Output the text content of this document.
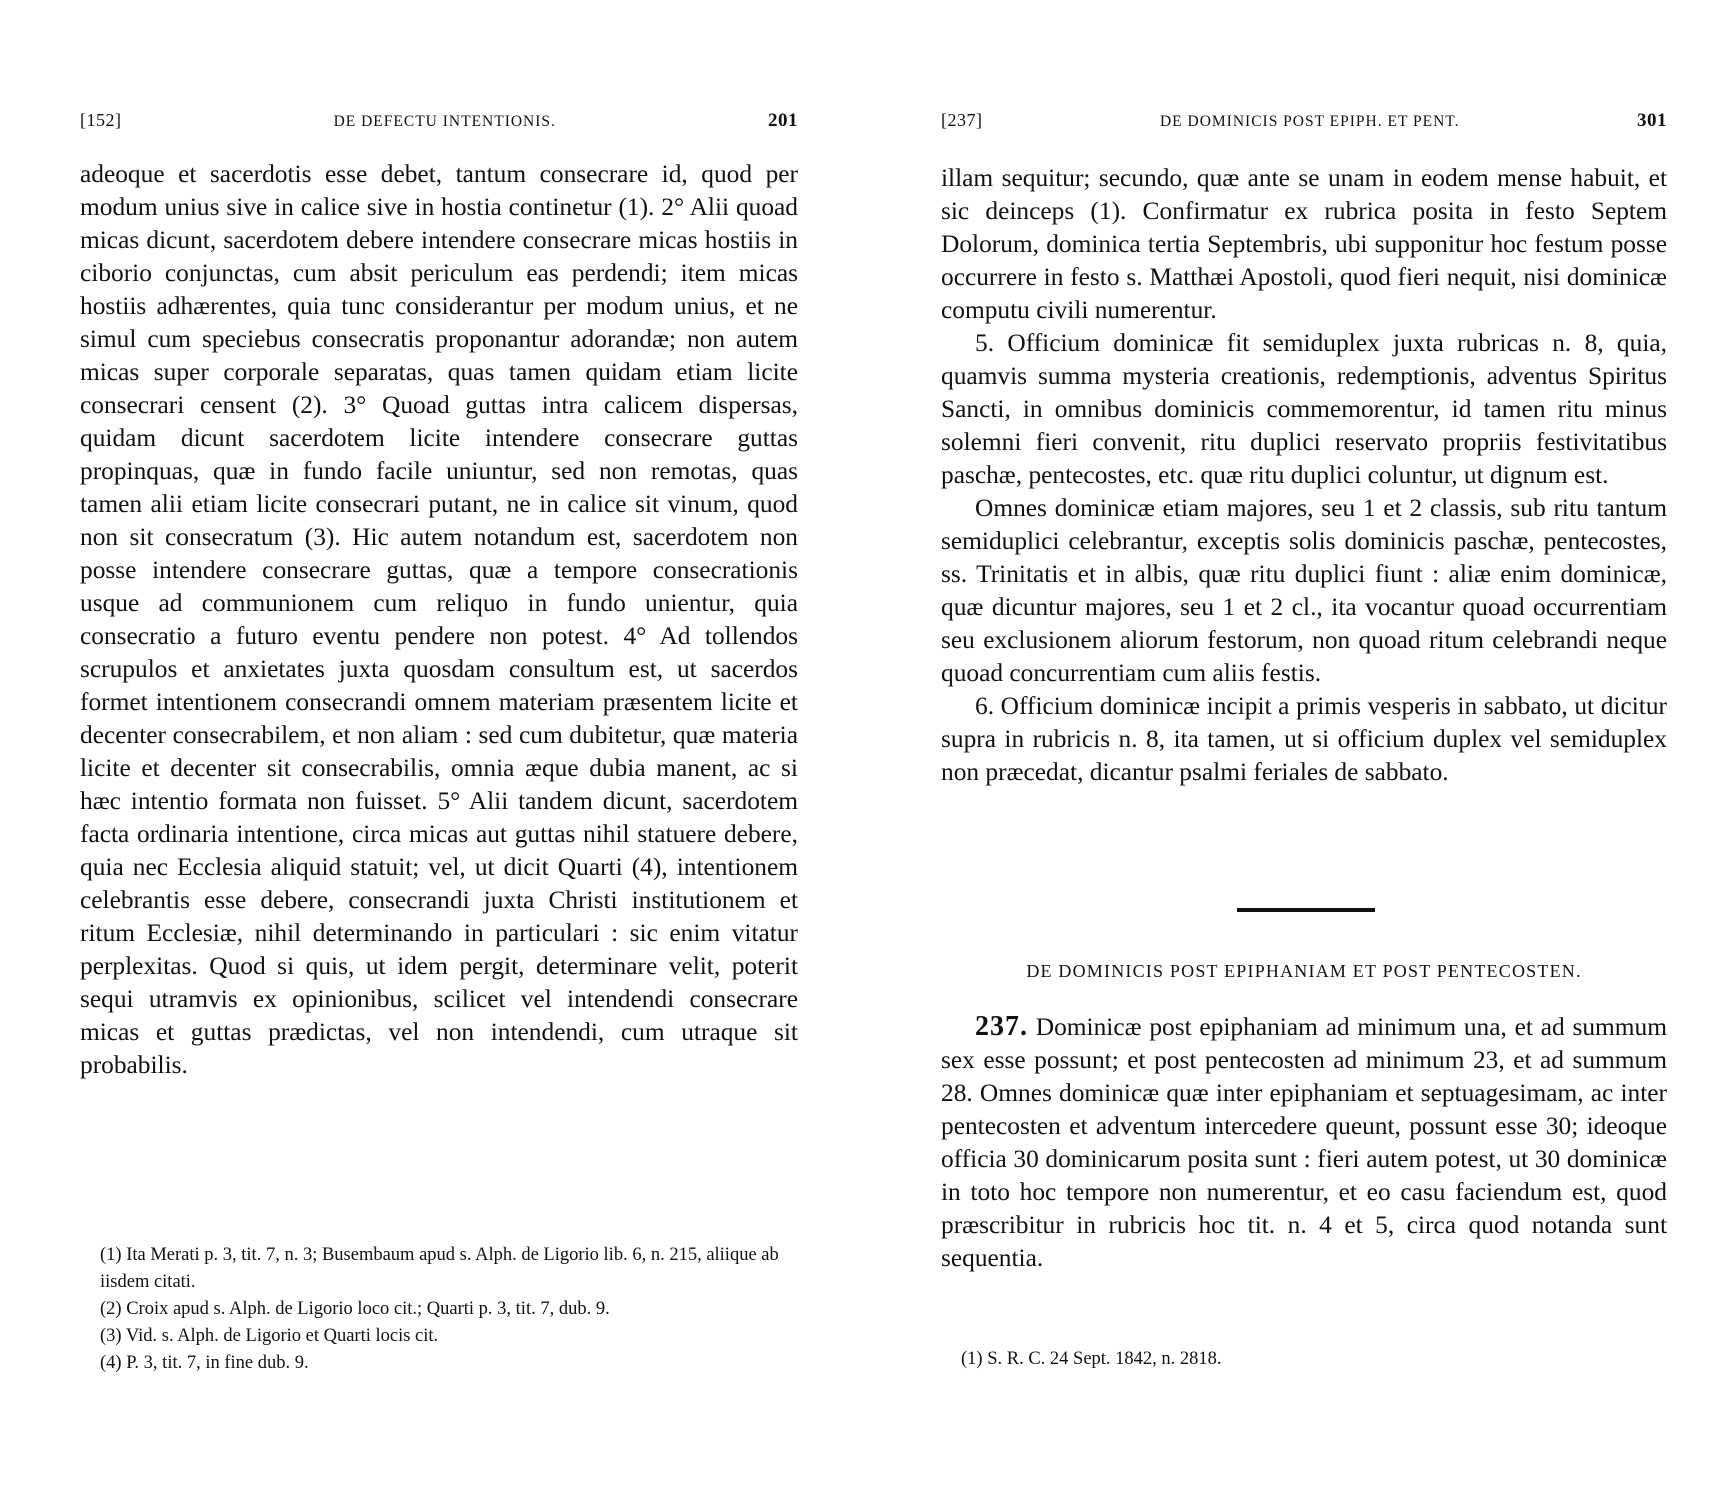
[152]	DE DEFECTU INTENTIONIS.	201

adeoque et sacerdotis esse debet, tantum consecrare id, quod per modum unius sive in calice sive in hostia continetur (1). 2° Alii quoad micas dicunt, sacerdotem debere intendere consecrare micas hostiis in ciborio conjunctas, cum absit periculum eas perdendi; item micas hostiis adhærentes, quia tunc considerantur per modum unius, et ne simul cum speciebus consecratis proponantur adorandæ; non autem micas super corporale separatas, quas tamen quidam etiam licite consecrari censent (2). 3° Quoad guttas intra calicem dispersas, quidam dicunt sacerdotem licite intendere consecrare guttas propinquas, quæ in fundo facile uniuntur, sed non remotas, quas tamen alii etiam licite consecrari putant, ne in calice sit vinum, quod non sit consecratum (3). Hic autem notandum est, sacerdotem non posse intendere consecrare guttas, quæ a tempore consecrationis usque ad communionem cum reliquo in fundo unientur, quia consecratio a futuro eventu pendere non potest. 4° Ad tollendos scrupulos et anxietates juxta quosdam consultum est, ut sacerdos formet intentionem consecrandi omnem materiam præsentem licite et decenter consecrabilem, et non aliam : sed cum dubitetur, quæ materia licite et decenter sit consecrabilis, omnia æque dubia manent, ac si hæc intentio formata non fuisset. 5° Alii tandem dicunt, sacerdotem facta ordinaria intentione, circa micas aut guttas nihil statuere debere, quia nec Ecclesia aliquid statuit; vel, ut dicit Quarti (4), intentionem celebrantis esse debere, consecrandi juxta Christi institutionem et ritum Ecclesiæ, nihil determinando in particulari : sic enim vitatur perplexitas. Quod si quis, ut idem pergit, determinare velit, poterit sequi utramvis ex opinionibus, scilicet vel intendendi consecrare micas et guttas prædictas, vel non intendendi, cum utraque sit probabilis.

(1) Ita Merati p. 3, tit. 7, n. 3; Busembaum apud s. Alph. de Ligorio lib. 6, n. 215, aliique ab iisdem citati.

(2) Croix apud s. Alph. de Ligorio loco cit.; Quarti p. 3, tit. 7, dub. 9.

(3) Vid. s. Alph. de Ligorio et Quarti locis cit.

(4) P. 3, tit. 7, in fine dub. 9.

[237]	DE DOMINICIS POST EPIPH. ET PENT.	301

illam sequitur; secundo, quæ ante se unam in eodem mense habuit, et sic deinceps (1). Confirmatur ex rubrica posita in festo Septem Dolorum, dominica tertia Septembris, ubi supponitur hoc festum posse occurrere in festo s. Matthæi Apostoli, quod fieri nequit, nisi dominicæ computu civili numerentur.

5. Officium dominicæ fit semiduplex juxta rubricas n. 8, quia, quamvis summa mysteria creationis, redemptionis, adventus Spiritus Sancti, in omnibus dominicis commemorentur, id tamen ritu minus solemni fieri convenit, ritu duplici reservato propriis festivitatibus paschæ, pentecostes, etc. quæ ritu duplici coluntur, ut dignum est.

Omnes dominicæ etiam majores, seu 1 et 2 classis, sub ritu tantum semiduplici celebrantur, exceptis solis dominicis paschæ, pentecostes, ss. Trinitatis et in albis, quæ ritu duplici fiunt : aliæ enim dominicæ, quæ dicuntur majores, seu 1 et 2 cl., ita vocantur quoad occurrentiam seu exclusionem aliorum festorum, non quoad ritum celebrandi neque quoad concurrentiam cum aliis festis.

6. Officium dominicæ incipit a primis vesperis in sabbato, ut dicitur supra in rubricis n. 8, ita tamen, ut si officium duplex vel semiduplex non præcedat, dicantur psalmi feriales de sabbato.

DE DOMINICIS POST EPIPHANIAM ET POST PENTECOSTEN.

237. Dominicæ post epiphaniam ad minimum una, et ad summum sex esse possunt; et post pentecosten ad minimum 23, et ad summum 28. Omnes dominicæ quæ inter epiphaniam et septuagesimam, ac inter pentecosten et adventum intercedere queunt, possunt esse 30; ideoque officia 30 dominicarum posita sunt : fieri autem potest, ut 30 dominicæ in toto hoc tempore non numerentur, et eo casu faciendum est, quod præscribitur in rubricis hoc tit. n. 4 et 5, circa quod notanda sunt sequentia.

(1) S. R. C. 24 Sept. 1842, n. 2818.
